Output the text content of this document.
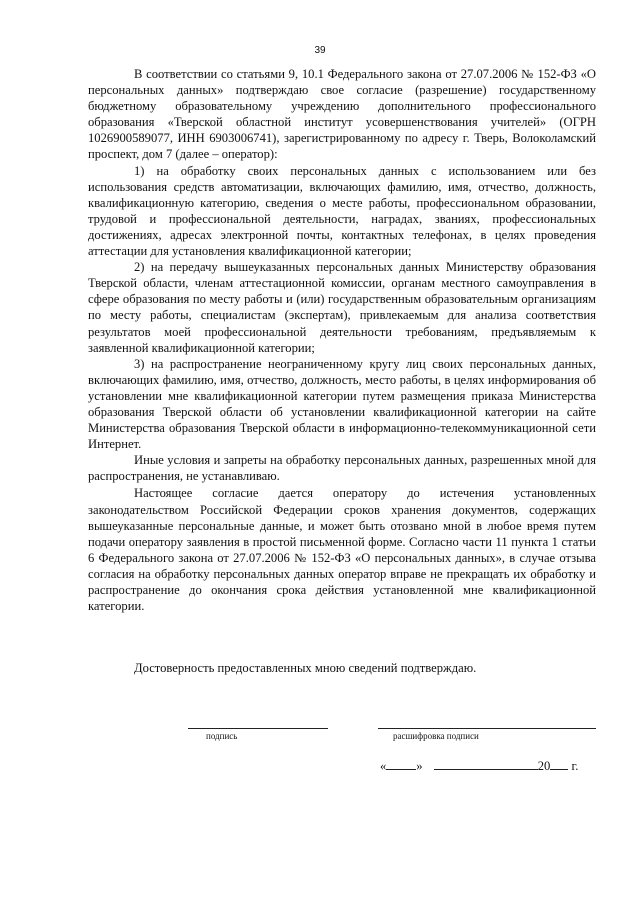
39

В соответствии со статьями 9, 10.1 Федерального закона от 27.07.2006 № 152-ФЗ «О персональных данных» подтверждаю свое согласие (разрешение) государственному бюджетному образовательному учреждению дополнительного профессионального образования «Тверской областной институт усовершенствования учителей» (ОГРН 1026900589077, ИНН 6903006741), зарегистрированному по адресу г. Тверь, Волоколамский проспект, дом 7 (далее – оператор):

1) на обработку своих персональных данных с использованием или без использования средств автоматизации, включающих фамилию, имя, отчество, должность, квалификационную категорию, сведения о месте работы, профессиональном образовании, трудовой и профессиональной деятельности, наградах, званиях, профессиональных достижениях, адресах электронной почты, контактных телефонах, в целях проведения аттестации для установления квалификационной категории;

2) на передачу вышеуказанных персональных данных Министерству образования Тверской области, членам аттестационной комиссии, органам местного самоуправления в сфере образования по месту работы и (или) государственным образовательным организациям по месту работы, специалистам (экспертам), привлекаемым для анализа соответствия результатов моей профессиональной деятельности требованиям, предъявляемым к заявленной квалификационной категории;

3) на распространение неограниченному кругу лиц своих персональных данных, включающих фамилию, имя, отчество, должность, место работы, в целях информирования об установлении мне квалификационной категории путем размещения приказа Министерства образования Тверской области об установлении квалификационной категории на сайте Министерства образования Тверской области в информационно-телекоммуникационной сети Интернет.

Иные условия и запреты на обработку персональных данных, разрешенных мной для распространения, не устанавливаю.

Настоящее согласие дается оператору до истечения установленных законодательством Российской Федерации сроков хранения документов, содержащих вышеуказанные персональные данные, и может быть отозвано мной в любое время путем подачи оператору заявления в простой письменной форме. Согласно части 11 пункта 1 статьи 6 Федерального закона от 27.07.2006 № 152-ФЗ «О персональных данных», в случае отзыва согласия на обработку персональных данных оператор вправе не прекращать их обработку и распространение до окончания срока действия установленной мне квалификационной категории.

Достоверность предоставленных мною сведений подтверждаю.
подпись	расшифровка подписи
« »	20 г.
